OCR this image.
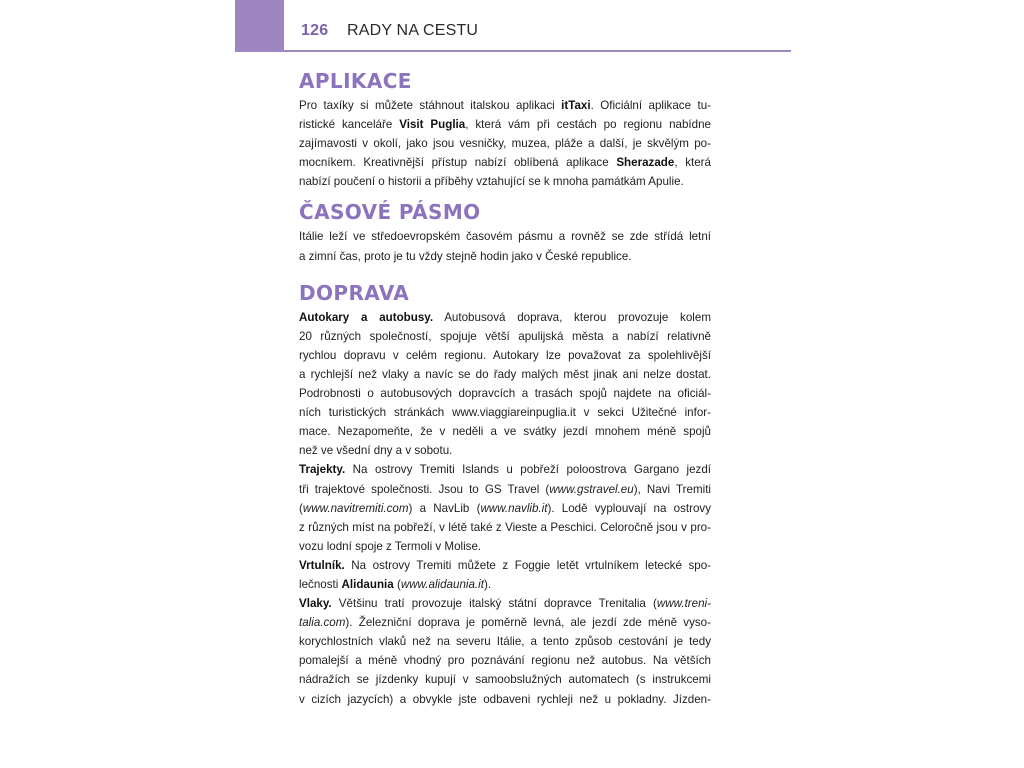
126 RADY NA CESTU
APLIKACE

Pro taxíky si můžete stáhnout italskou aplikaci itTaxi. Oficiální aplikace tu-
ristické kanceláře Visit Puglia, která vám při cestách po regionu nabídne
zajímavosti v okolí, jako jsou vesničky, muzea, pláže a další, je skvělým po-
mocníkem. Kreativnější přístup nabízí oblíbená aplikace Sherazade, která
nabízí poučení o historii a příběhy vztahující se k mnoha památkám Apulie.

ČASOVÉ PÁSMO

Itálie leží ve středoevropském časovém pásmu a rovněž se zde střídá letní
a zimní čas, proto je tu vždy stejně hodin jako v České republice.

DOPRAVA

Autokary a autobusy. Autobusová doprava, kterou provozuje kolem
20 různých společností, spojuje větší apulijská města a nabízí relativně
rychlou dopravu v celém regionu. Autokary lze považovat za spolehlivější
a rychlejší než vlaky a navíc se do řady malých měst jinak ani nelze dostat.
Podrobnosti o autobusových dopravcích a trasách spojů najdete na oficiál-
ních turistických stránkách www.viaggiareinpuglia.it v sekci Užitečné infor-
mace. Nezapomeňte, že v neděli a ve svátky jezdí mnohem méně spojů
než ve všední dny a v sobotu.

Trajekty. Na ostrovy Tremiti Islands u pobřeží poloostrova Gargano jezdí
tři trajektové společnosti. Jsou to GS Travel (www.gstravel.eu), Navi Tremiti
(www.navitremiti.com) a NavLib (www.navlib.it). Lodě vyplouvají na ostrovy
z různých míst na pobřeží, v létě také z Vieste a Peschici. Celoročně jsou v pro-
vozu lodní spoje z Termoli v Molise.

Vrtulník. Na ostrovy Tremiti můžete z Foggie letět vrtulníkem letecké spo-
lečnosti Alidaunia (www.alidaunia.it).

Vlaky. Většinu tratí provozuje italský státní dopravce Trenitalia (www.treni-
talia.com). Železniční doprava je poměrně levná, ale jezdí zde méně vyso-
korychlostních vlaků než na severu Itálie, a tento způsob cestování je tedy
pomalejší a méně vhodný pro poznávání regionu než autobus. Na větších
nádražích se jízdenky kupují v samoobslužných automatech (s instrukcemi
v cizích jazycích) a obvykle jste odbaveni rychleji než u pokladny. Jízden-
